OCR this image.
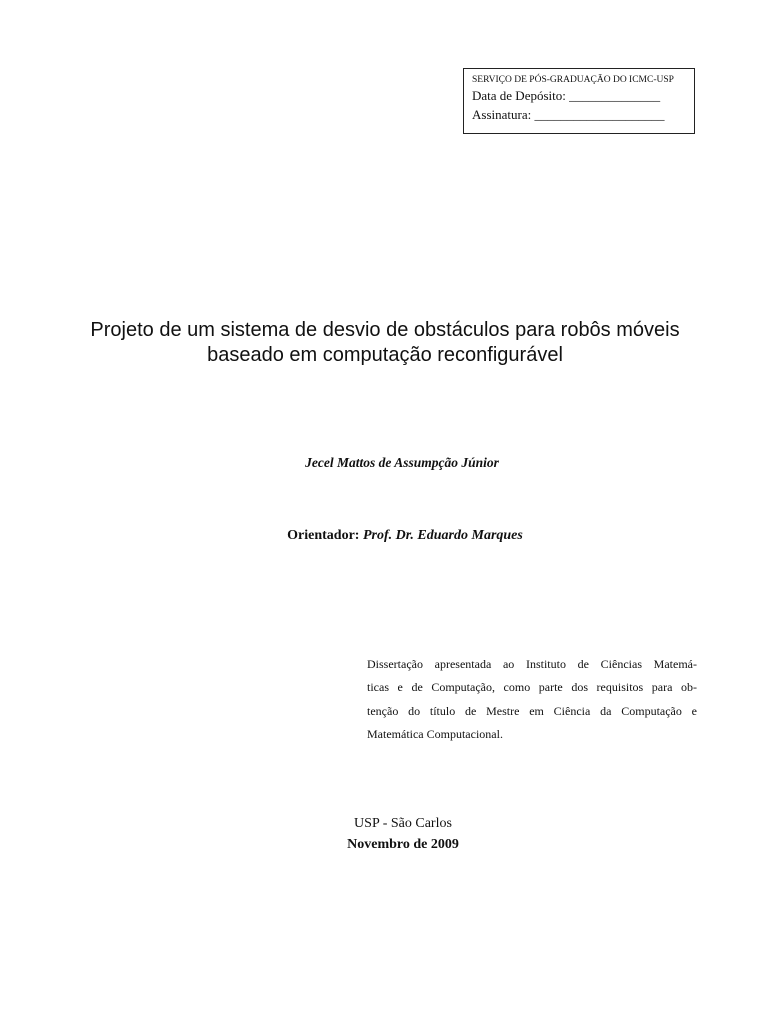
SERVIÇO DE PÓS-GRADUAÇÃO DO ICMC-USP
Data de Depósito: ______________
Assinatura: ____________________
Projeto de um sistema de desvio de obstáculos para robôs móveis
baseado em computação reconfigurável
Jecel Mattos de Assumpção Júnior
Orientador: Prof. Dr. Eduardo Marques
Dissertação apresentada ao Instituto de Ciências Matemá-
ticas e de Computação, como parte dos requisitos para ob-
tenção do título de Mestre em Ciência da Computação e
Matemática Computacional.
USP - São Carlos
Novembro de 2009
